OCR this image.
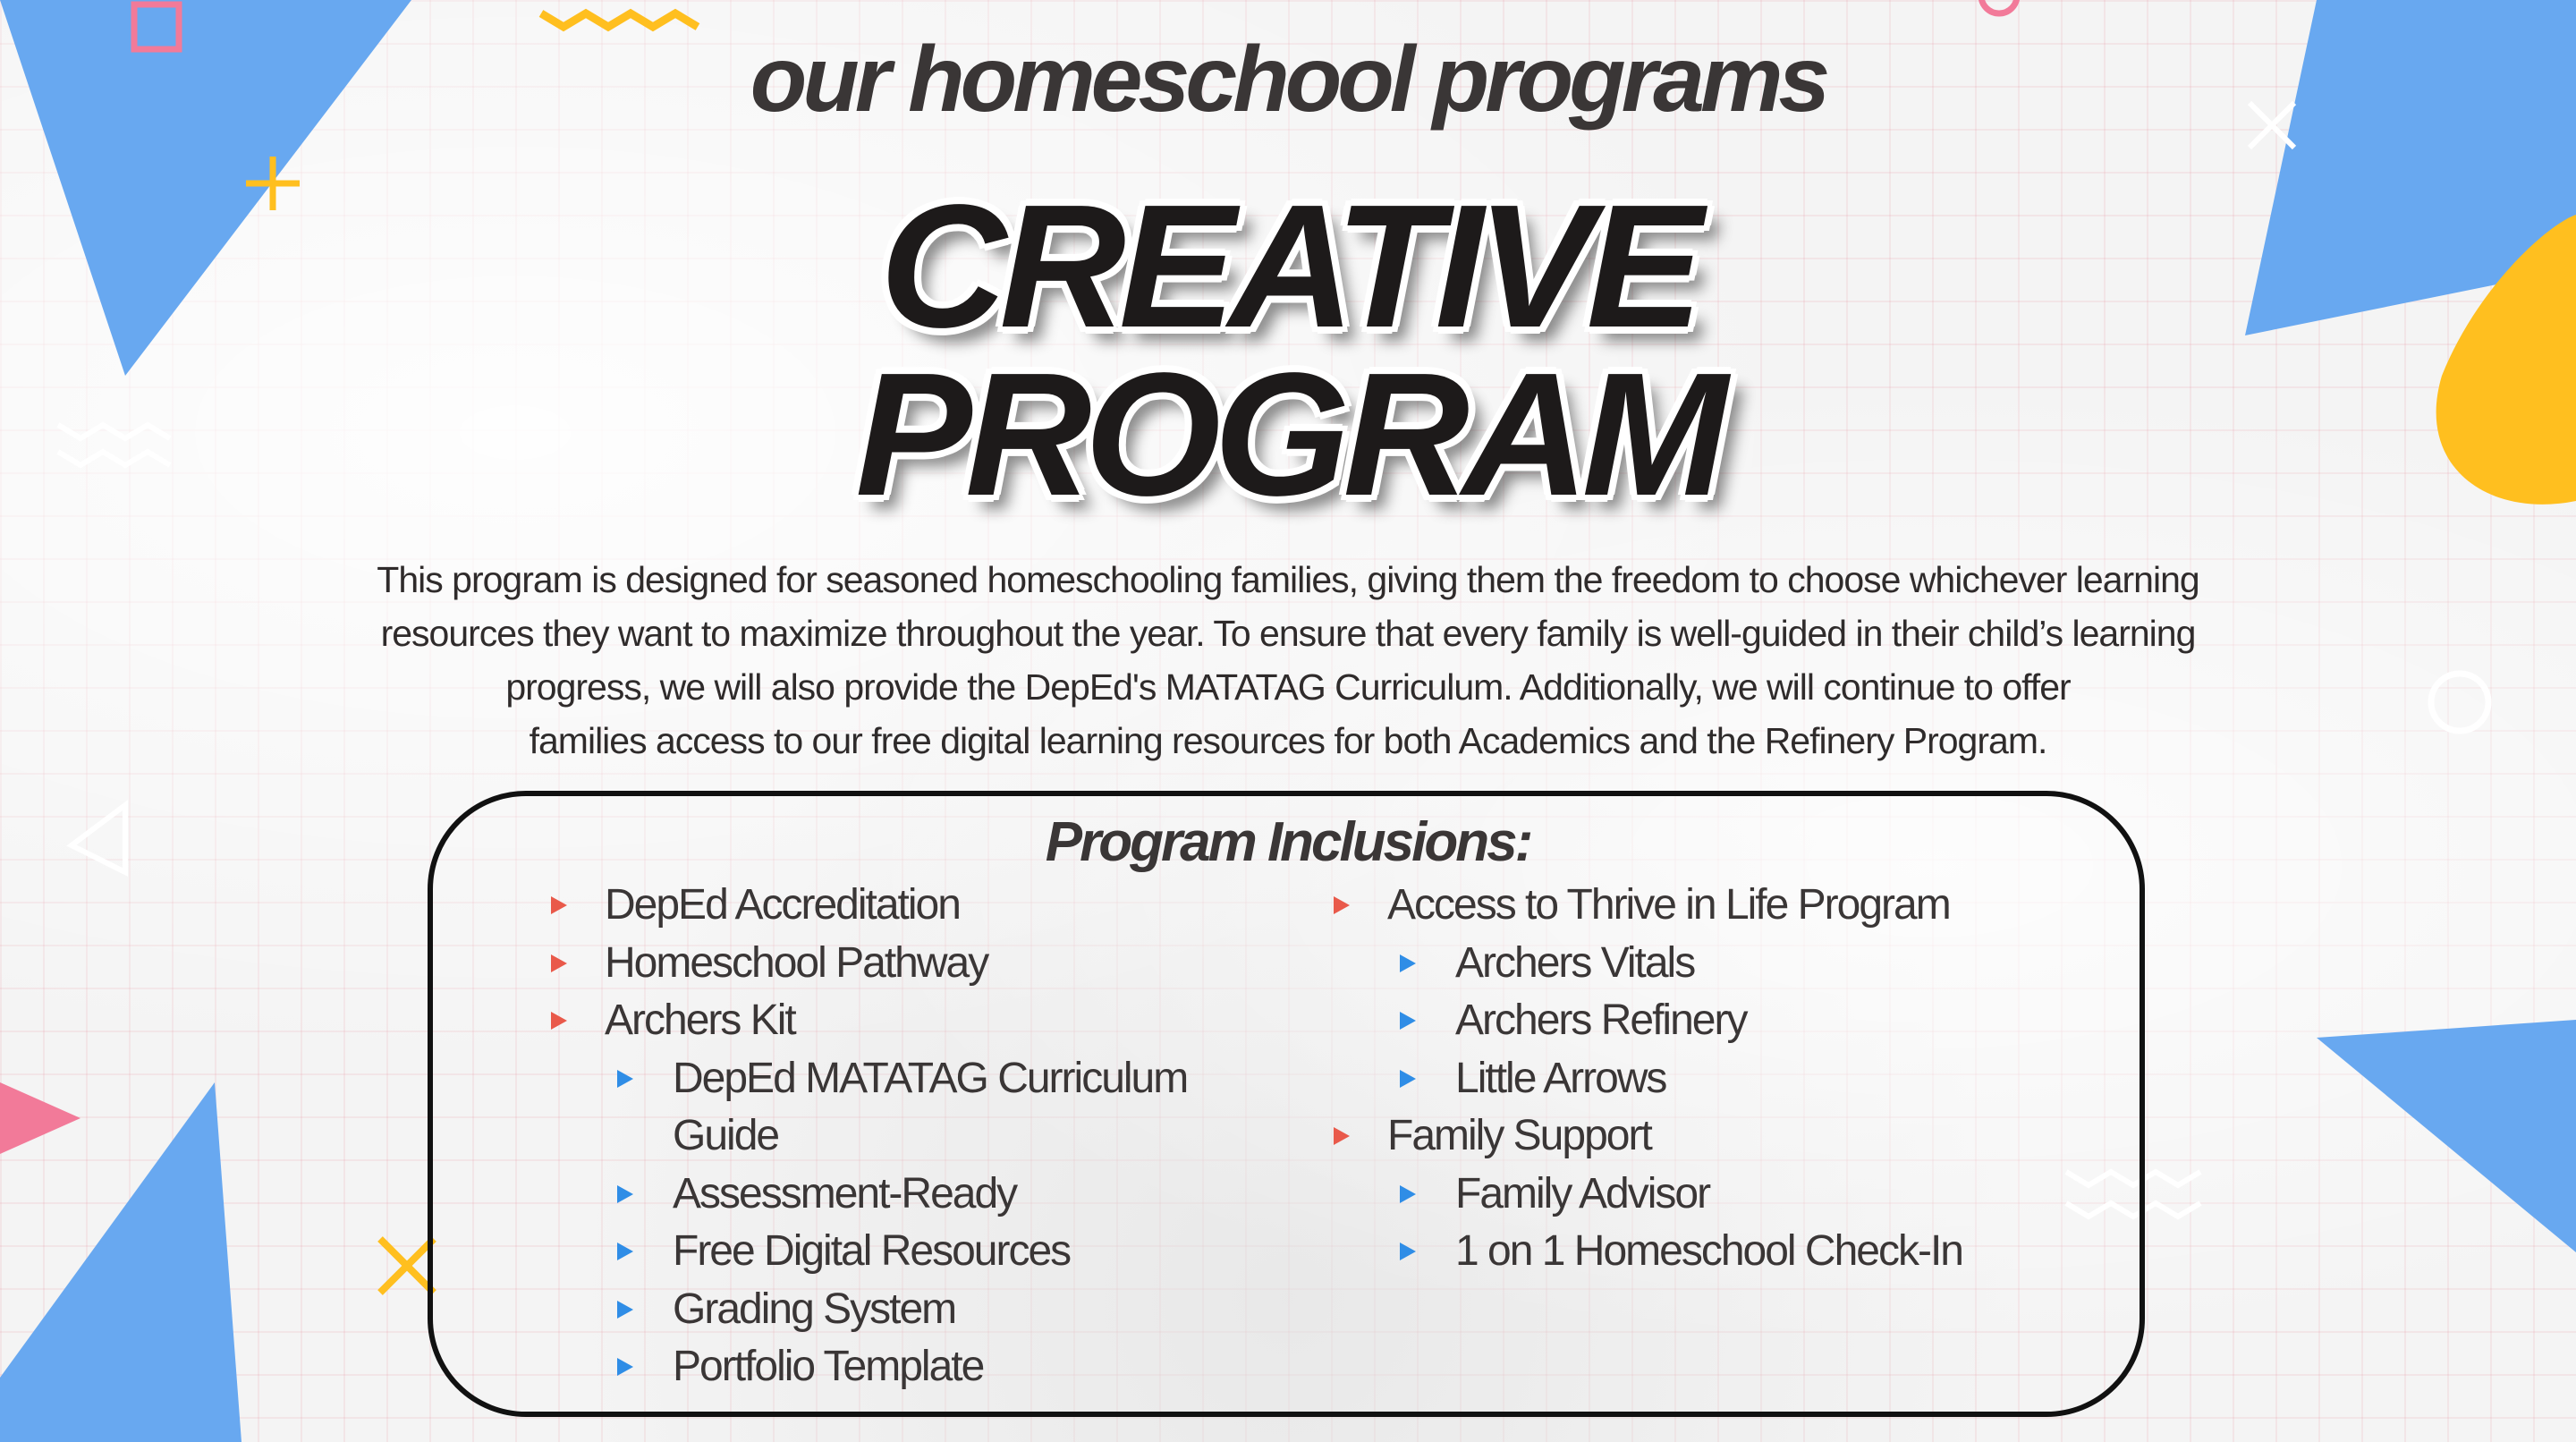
our homeschool programs
CREATIVE
PROGRAM

This program is designed for seasoned homeschooling families, giving them the freedom to choose whichever learning

resources they want to maximize throughout the year. To ensure that every family is well-guided in their child’s learning

progress, we will also provide the DepEd's MATATAG Curriculum. Additionally, we will continue to offer

families access to our free digital learning resources for both Academics and the Refinery Program.

Program Inclusions:
DepEd Accreditation
Homeschool Pathway
Archers Kit
DepEd MATATAG Curriculum
Guide
Assessment-Ready
Free Digital Resources
Grading System
Portfolio Template
Access to Thrive in Life Program
Archers Vitals
Archers Refinery
Little Arrows
Family Support
Family Advisor
1 on 1 Homeschool Check-In
